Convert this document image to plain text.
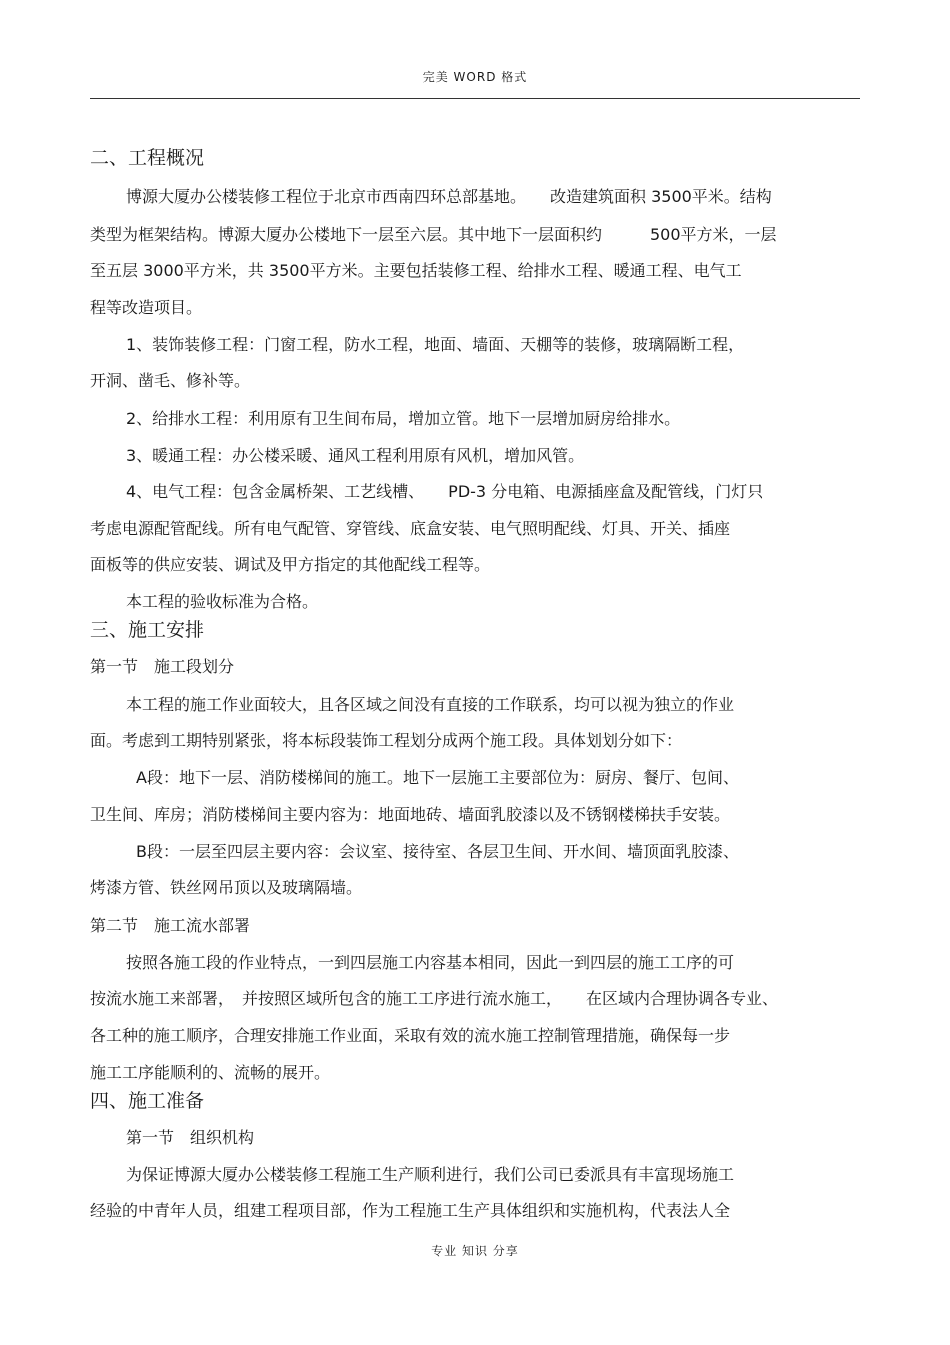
完美 WORD 格式
二、工程概况
博源大厦办公楼装修工程位于北京市西南四环总部基地。　　改造建筑面积 3500平米。结构
类型为框架结构。博源大厦办公楼地下一层至六层。其中地下一层面积约　　　500平方米，一层
至五层 3000平方米，共 3500平方米。主要包括装修工程、给排水工程、暖通工程、电气工
程等改造项目。
1、装饰装修工程：门窗工程，防水工程，地面、墙面、天棚等的装修，玻璃隔断工程，
开洞、凿毛、修补等。
2、给排水工程：利用原有卫生间布局，增加立管。地下一层增加厨房给排水。
3、暖通工程：办公楼采暖、通风工程利用原有风机，增加风管。
4、电气工程：包含金属桥架、工艺线槽、　　PD-3 分电箱、电源插座盒及配管线，门灯只
考虑电源配管配线。所有电气配管、穿管线、底盒安装、电气照明配线、灯具、开关、插座
面板等的供应安装、调试及甲方指定的其他配线工程等。
本工程的验收标准为合格。
三、施工安排
第一节　施工段划分
本工程的施工作业面较大，且各区域之间没有直接的工作联系，均可以视为独立的作业
面。考虑到工期特别紧张，将本标段装饰工程划分成两个施工段。具体划划分如下：
A段：地下一层、消防楼梯间的施工。地下一层施工主要部位为：厨房、餐厅、包间、
卫生间、库房；消防楼梯间主要内容为：地面地砖、墙面乳胶漆以及不锈钢楼梯扶手安装。
B段：一层至四层主要内容：会议室、接待室、各层卫生间、开水间、墙顶面乳胶漆、
烤漆方管、铁丝网吊顶以及玻璃隔墙。
第二节　施工流水部署
按照各施工段的作业特点，一到四层施工内容基本相同，因此一到四层的施工工序的可
按流水施工来部署，　并按照区域所包含的施工工序进行流水施工，　　在区域内合理协调各专业、
各工种的施工顺序，合理安排施工作业面，采取有效的流水施工控制管理措施，确保每一步
施工工序能顺利的、流畅的展开。
四、施工准备
第一节　组织机构
为保证博源大厦办公楼装修工程施工生产顺利进行，我们公司已委派具有丰富现场施工
经验的中青年人员，组建工程项目部，作为工程施工生产具体组织和实施机构，代表法人全
专业 知识 分享
